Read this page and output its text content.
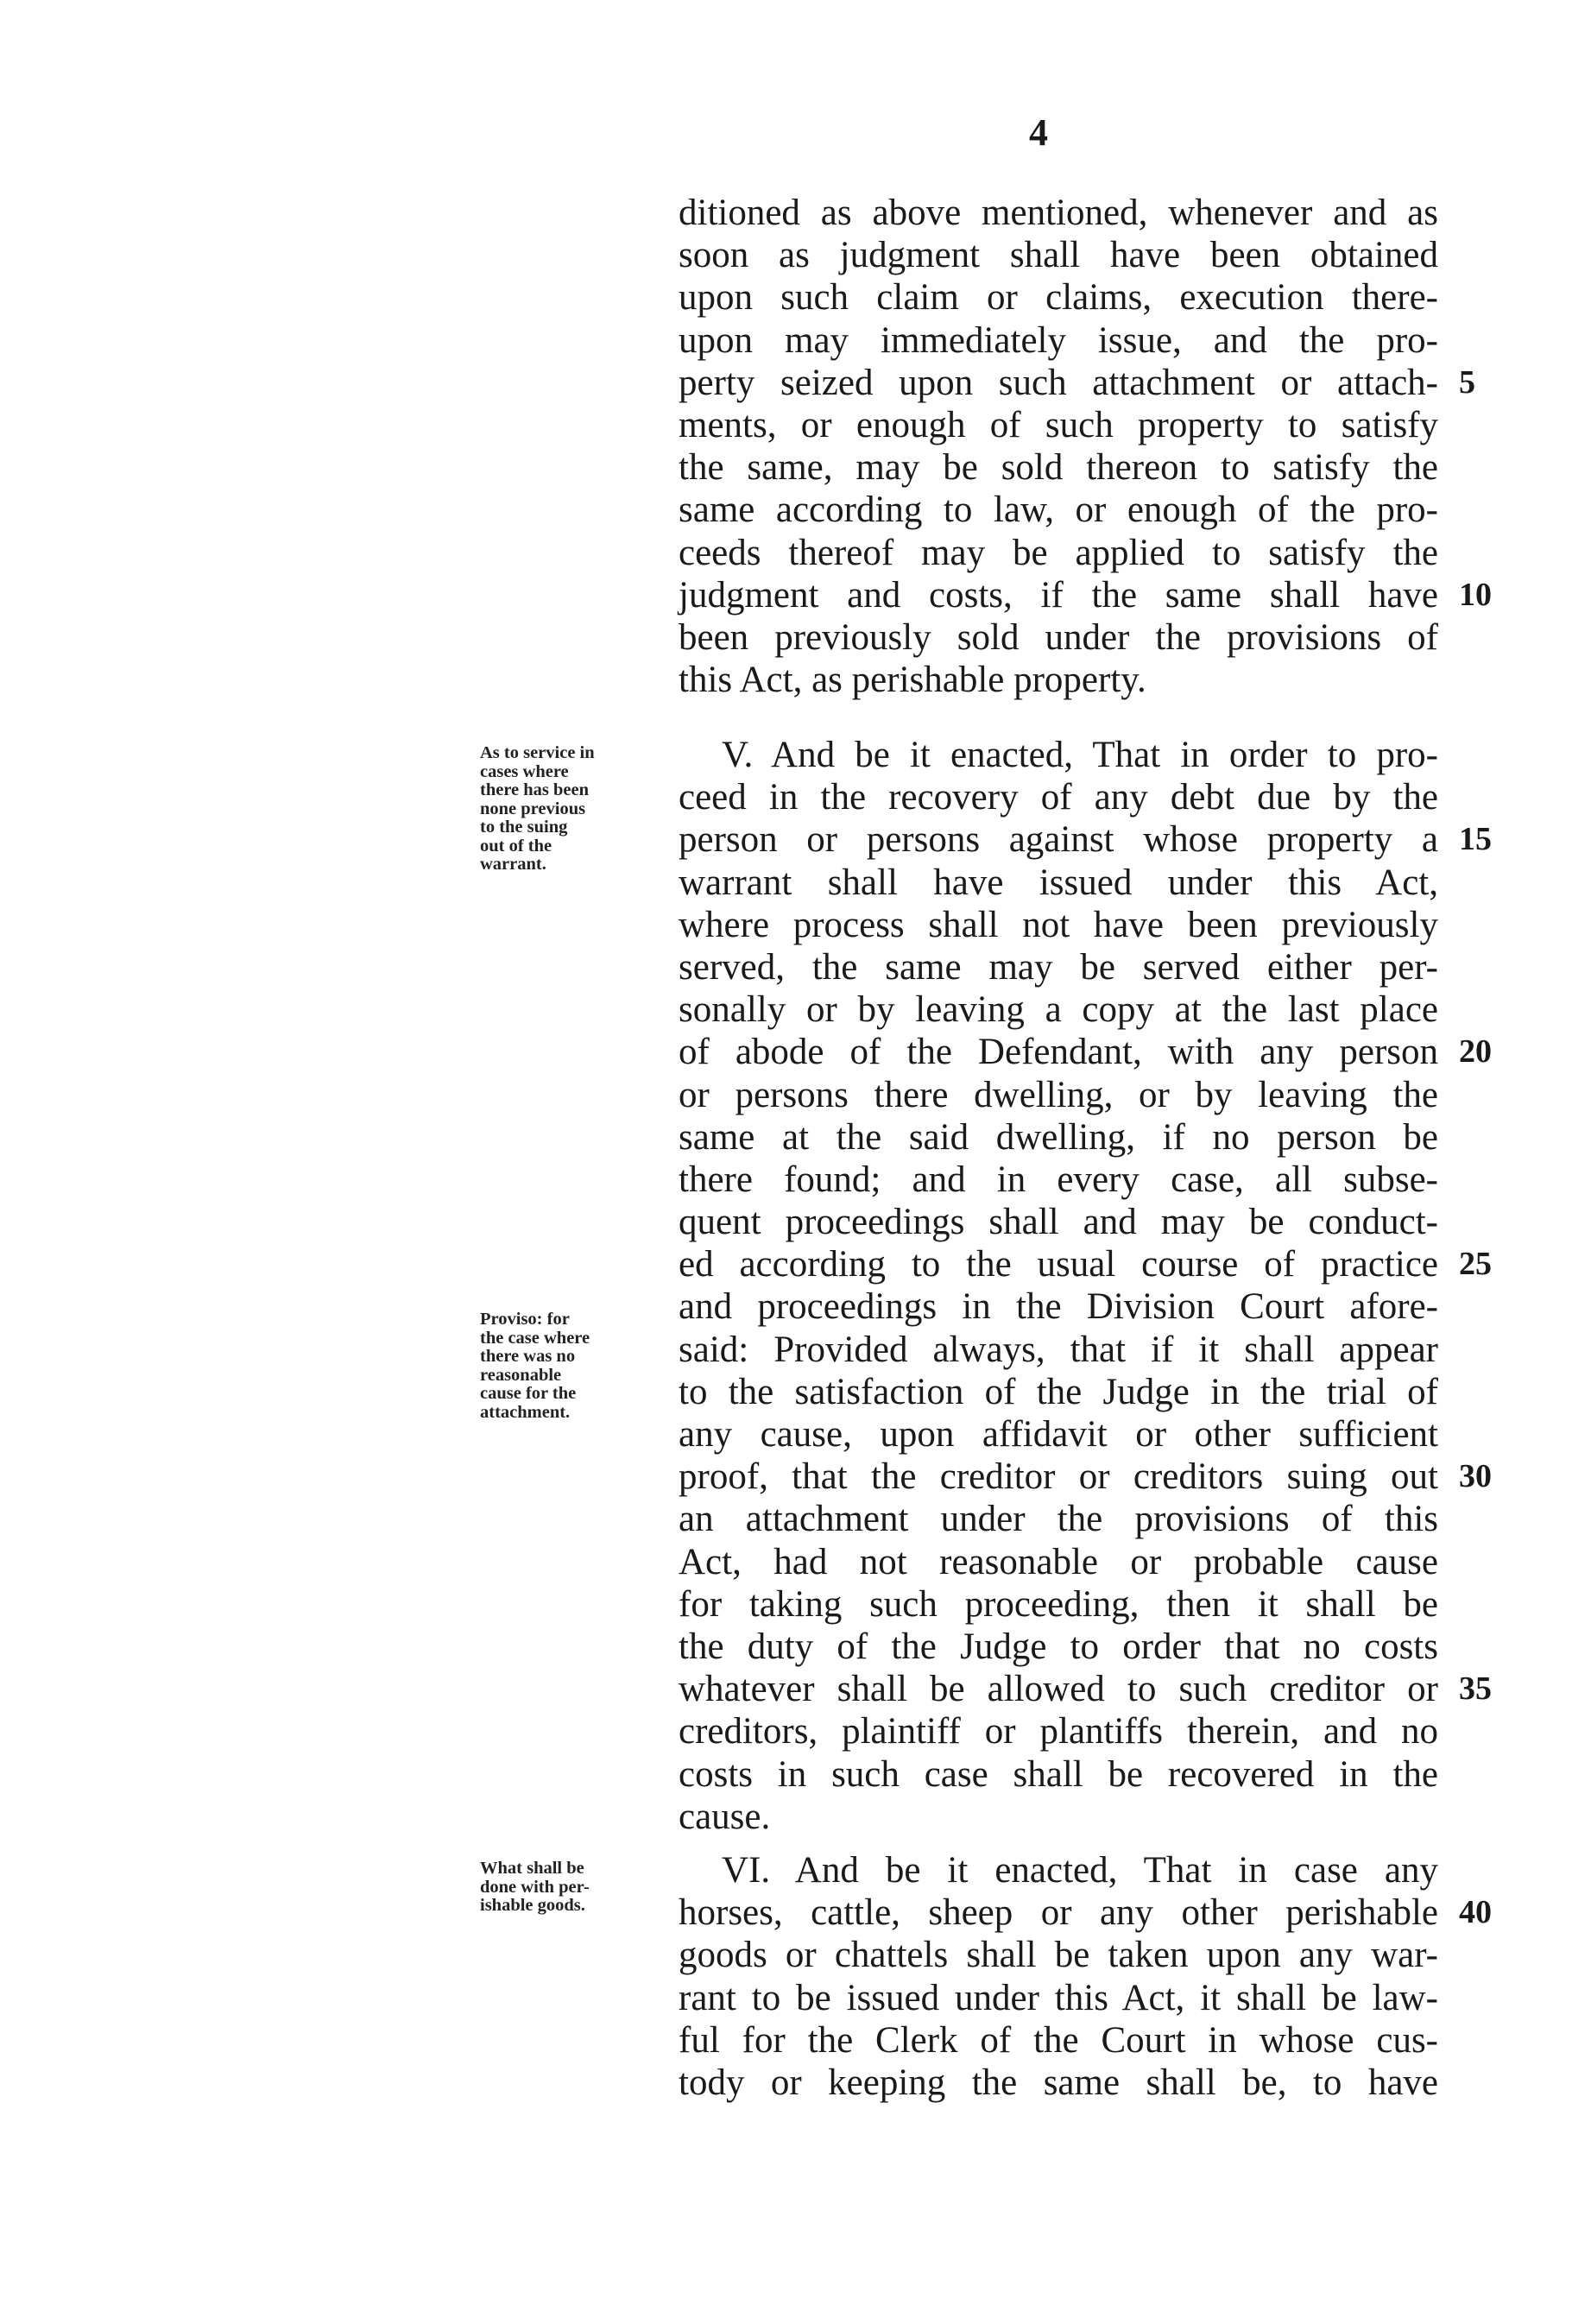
4
ditioned as above mentioned, whenever and as
soon as judgment shall have been obtained
upon such claim or claims, execution there-
upon may immediately issue, and the pro-
perty seized upon such attachment or attach- 5
ments, or enough of such property to satisfy
the same, may be sold thereon to satisfy the
same according to law, or enough of the pro-
ceeds thereof may be applied to satisfy the
judgment and costs, if the same shall have 10
been previously sold under the provisions of
this Act, as perishable property.
As to service in
cases where
there has been
none previous
to the suing
out of the
warrant.
V. And be it enacted, That in order to pro-
ceed in the recovery of any debt due by the
person or persons against whose property a 15
warrant shall have issued under this Act,
where process shall not have been previously
served, the same may be served either per-
sonally or by leaving a copy at the last place
of abode of the Defendant, with any person 20
or persons there dwelling, or by leaving the
same at the said dwelling, if no person be
there found; and in every case, all subse-
quent proceedings shall and may be conduct-
ed according to the usual course of practice 25
and proceedings in the Division Court afore-
said: Provided always, that if it shall appear
to the satisfaction of the Judge in the trial of
any cause, upon affidavit or other sufficient
proof, that the creditor or creditors suing out 30
an attachment under the provisions of this
Act, had not reasonable or probable cause
for taking such proceeding, then it shall be
the duty of the Judge to order that no costs
whatever shall be allowed to such creditor or 35
creditors, plaintiff or plantiffs therein, and no
costs in such case shall be recovered in the
cause.
Proviso: for
the case where
there was no
reasonable
cause for the
attachment.
What shall be
done with per-
ishable goods.
VI. And be it enacted, That in case any
horses, cattle, sheep or any other perishable 40
goods or chattels shall be taken upon any war-
rant to be issued under this Act, it shall be law-
ful for the Clerk of the Court in whose cus-
tody or keeping the same shall be, to have
